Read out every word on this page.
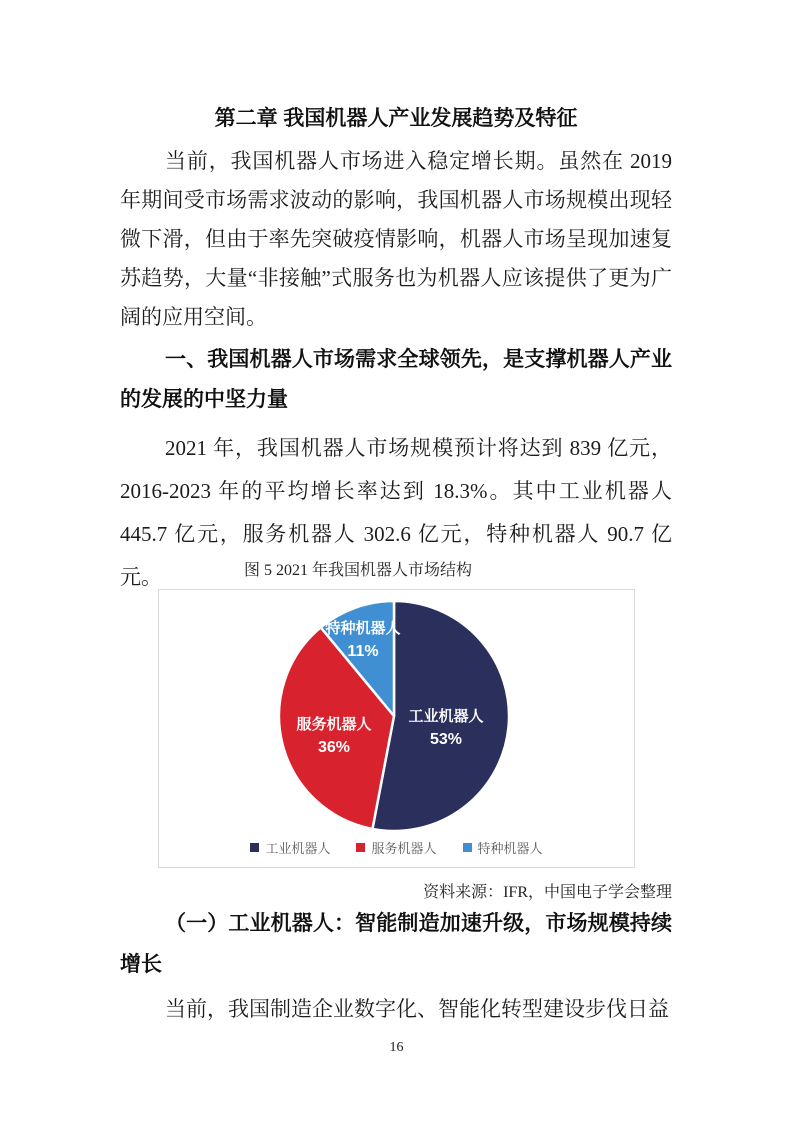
第二章 我国机器人产业发展趋势及特征
当前，我国机器人市场进入稳定增长期。虽然在 2019 年期间受市场需求波动的影响，我国机器人市场规模出现轻微下滑，但由于率先突破疫情影响，机器人市场呈现加速复苏趋势，大量“非接触”式服务也为机器人应该提供了更为广阔的应用空间。
一、我国机器人市场需求全球领先，是支撑机器人产业的发展的中坚力量
2021 年，我国机器人市场规模预计将达到 839 亿元，2016-2023 年的平均增长率达到 18.3%。其中工业机器人 445.7 亿元，服务机器人 302.6 亿元，特种机器人 90.7 亿元。	图 5 2021 年我国机器人市场结构
工业机器人
53%
服务机器人
36%
特种机器人
11%
工业机器人	服务机器人	特种机器人
资料来源：IFR，中国电子学会整理
（一）工业机器人：智能制造加速升级，市场规模持续增长
当前，我国制造企业数字化、智能化转型建设步伐日益
16
